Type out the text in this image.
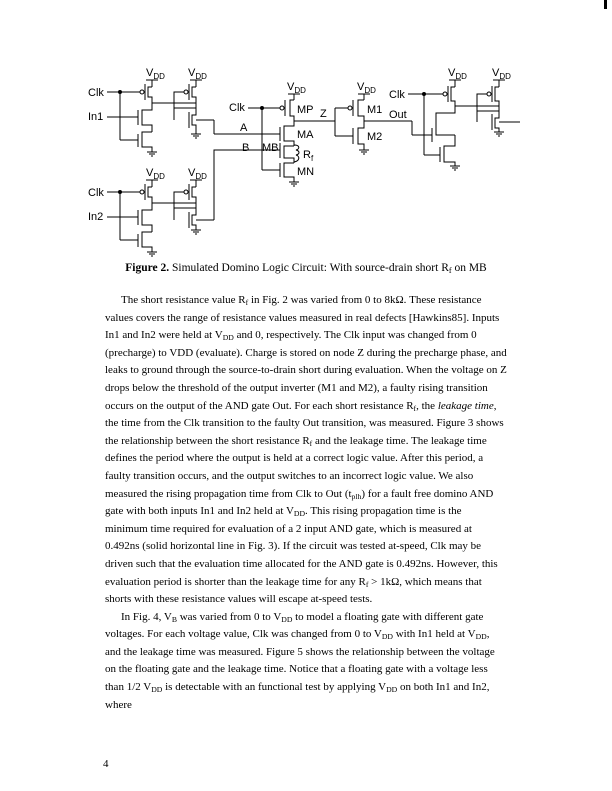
$V_{DD}$ $V_{DD}$
Clk
In1
$V_{DD}$ $V_{DD}$
Clk
In2
$V_{DD}$
Clk	MP Z
A
MA
B MB
$R_f$
MN
$V_{DD}$
M1
M2
Out
$V_{DD}$ $V_{DD}$
Clk
Figure 2. Simulated Domino Logic Circuit: With source-drain short $R_f$ on MB

The short resistance value $R_f$ in Fig. 2 was varied from 0 to 8kΩ. These resistance values covers the range of resistance values measured in real defects [Hawkins85]. Inputs In1 and In2 were held at $V_{DD}$ and 0, respectively. The Clk input was changed from 0 (precharge) to VDD (evaluate). Charge is stored on node Z during the precharge phase, and leaks to ground through the source-to-drain short during evaluation. When the voltage on Z drops below the threshold of the output inverter (M1 and M2), a faulty rising transition occurs on the output of the AND gate Out. For each short resistance $R_f$, the leakage time, the time from the Clk transition to the faulty Out transition, was measured. Figure 3 shows the relationship between the short resistance $R_f$ and the leakage time. The leakage time defines the period where the output is held at a correct logic value. After this period, a faulty transition occurs, and the output switches to an incorrect logic value. We also measured the rising propagation time from Clk to Out $(t_{plh})$ for a fault free domino AND gate with both inputs In1 and In2 held at $V_{DD}$. This rising propagation time is the minimum time required for evaluation of a 2 input AND gate, which is measured at 0.492ns (solid horizontal line in Fig. 3). If the circuit was tested at-speed, Clk may be driven such that the evaluation time allocated for the AND gate is 0.492ns. However, this evaluation period is shorter than the leakage time for any $R_f > 1k\Omega$, which means that shorts with these resistance values will escape at-speed tests.

In Fig. 4, $V_B$ was varied from 0 to $V_{DD}$ to model a floating gate with different gate voltages. For each voltage value, Clk was changed from 0 to $V_{DD}$ with In1 held at $V_{DD}$, and the leakage time was measured. Figure 5 shows the relationship between the voltage on the floating gate and the leakage time. Notice that a floating gate with a voltage less than 1/2 $V_{DD}$ is detectable with an functional test by applying $V_{DD}$ on both In1 and In2, where

4
